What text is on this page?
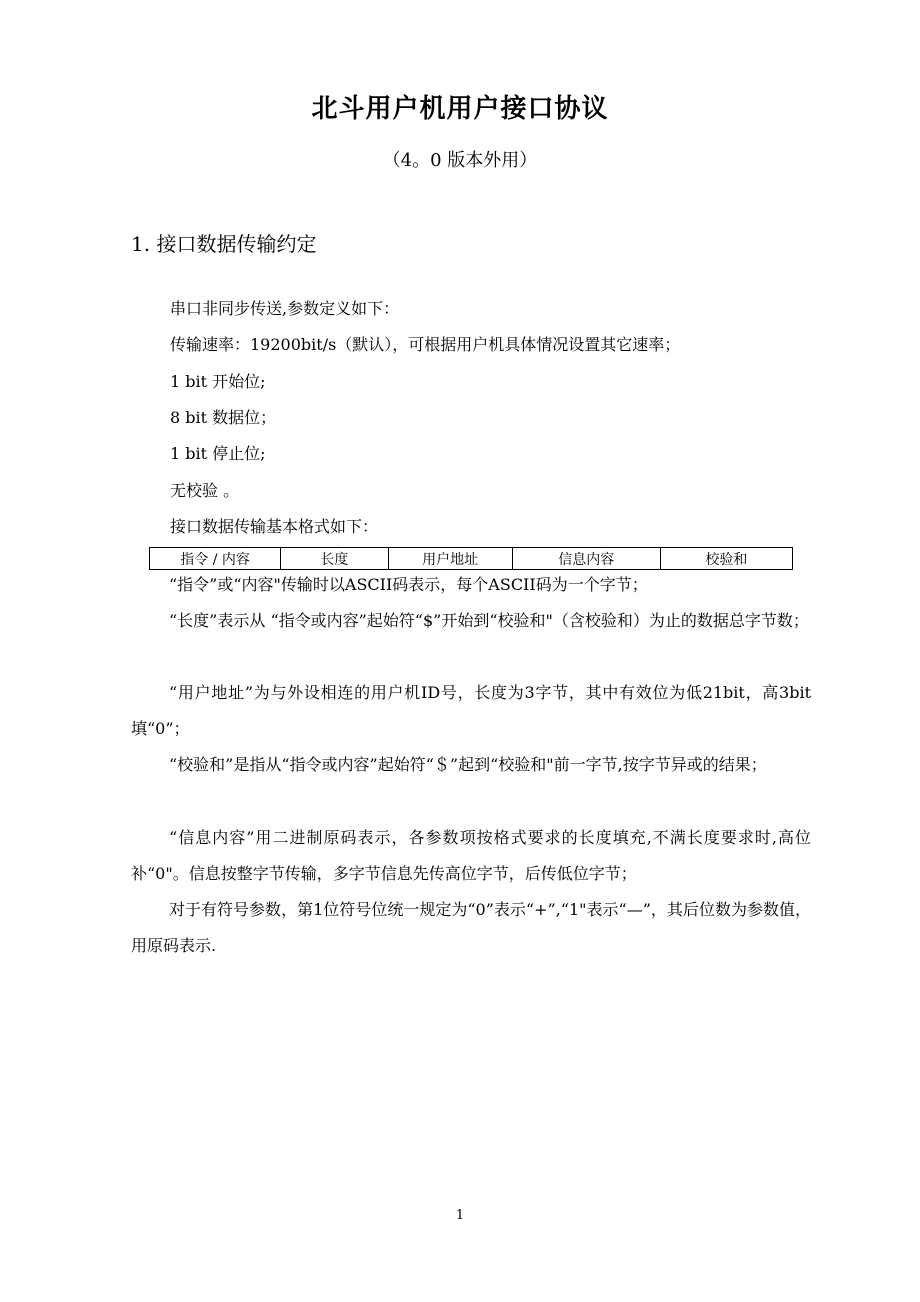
北斗用户机用户接口协议
（4。0 版本外用）
1. 接口数据传输约定
串口非同步传送,参数定义如下：
传输速率：19200bit/s（默认），可根据用户机具体情况设置其它速率；
1 bit 开始位;
8 bit 数据位；
1 bit 停止位;
无校验 。
接口数据传输基本格式如下：
指令 / 内容	长度	用户地址	信息内容	校验和
“指令”或“内容"传输时以ASCII码表示，每个ASCII码为一个字节；
“长度”表示从 “指令或内容”起始符“$”开始到“校验和"（含校验和）为止的数据总字节数；
“用户地址”为与外设相连的用户机ID号，长度为3字节，其中有效位为低21bit，高3bit填“0”；
“校验和”是指从“指令或内容”起始符“＄”起到“校验和"前一字节,按字节异或的结果；
“信息内容”用二进制原码表示，各参数项按格式要求的长度填充,不满长度要求时,高位补“0"。信息按整字节传输，多字节信息先传高位字节，后传低位字节；
对于有符号参数，第1位符号位统一规定为“0”表示“+”,“1"表示“—”，其后位数为参数值，用原码表示.
1
